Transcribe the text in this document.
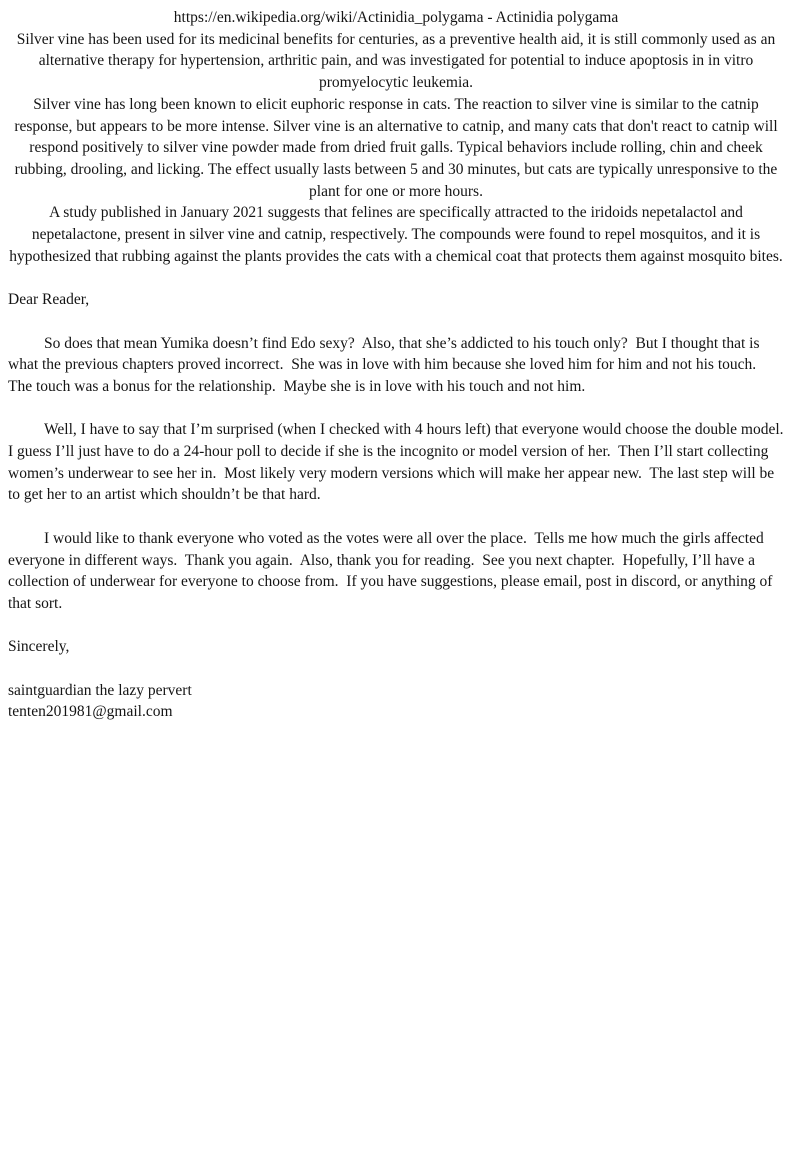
https://en.wikipedia.org/wiki/Actinidia_polygama - Actinidia polygama

Silver vine has been used for its medicinal benefits for centuries, as a preventive health aid, it is still commonly used as an alternative therapy for hypertension, arthritic pain, and was investigated for potential to induce apoptosis in in vitro promyelocytic leukemia.

Silver vine has long been known to elicit euphoric response in cats. The reaction to silver vine is similar to the catnip response, but appears to be more intense. Silver vine is an alternative to catnip, and many cats that don't react to catnip will respond positively to silver vine powder made from dried fruit galls. Typical behaviors include rolling, chin and cheek rubbing, drooling, and licking. The effect usually lasts between 5 and 30 minutes, but cats are typically unresponsive to the plant for one or more hours.

A study published in January 2021 suggests that felines are specifically attracted to the iridoids nepetalactol and nepetalactone, present in silver vine and catnip, respectively. The compounds were found to repel mosquitos, and it is hypothesized that rubbing against the plants provides the cats with a chemical coat that protects them against mosquito bites.

Dear Reader,

So does that mean Yumika doesn’t find Edo sexy?  Also, that she’s addicted to his touch only?  But I thought that is what the previous chapters proved incorrect.  She was in love with him because she loved him for him and not his touch.  The touch was a bonus for the relationship.  Maybe she is in love with his touch and not him.

Well, I have to say that I’m surprised (when I checked with 4 hours left) that everyone would choose the double model.  I guess I’ll just have to do a 24-hour poll to decide if she is the incognito or model version of her.  Then I’ll start collecting women’s underwear to see her in.  Most likely very modern versions which will make her appear new.  The last step will be to get her to an artist which shouldn’t be that hard.

I would like to thank everyone who voted as the votes were all over the place.  Tells me how much the girls affected everyone in different ways.  Thank you again.  Also, thank you for reading.  See you next chapter.  Hopefully, I’ll have a collection of underwear for everyone to choose from.  If you have suggestions, please email, post in discord, or anything of that sort.

Sincerely,

saintguardian the lazy pervert

tenten201981@gmail.com
